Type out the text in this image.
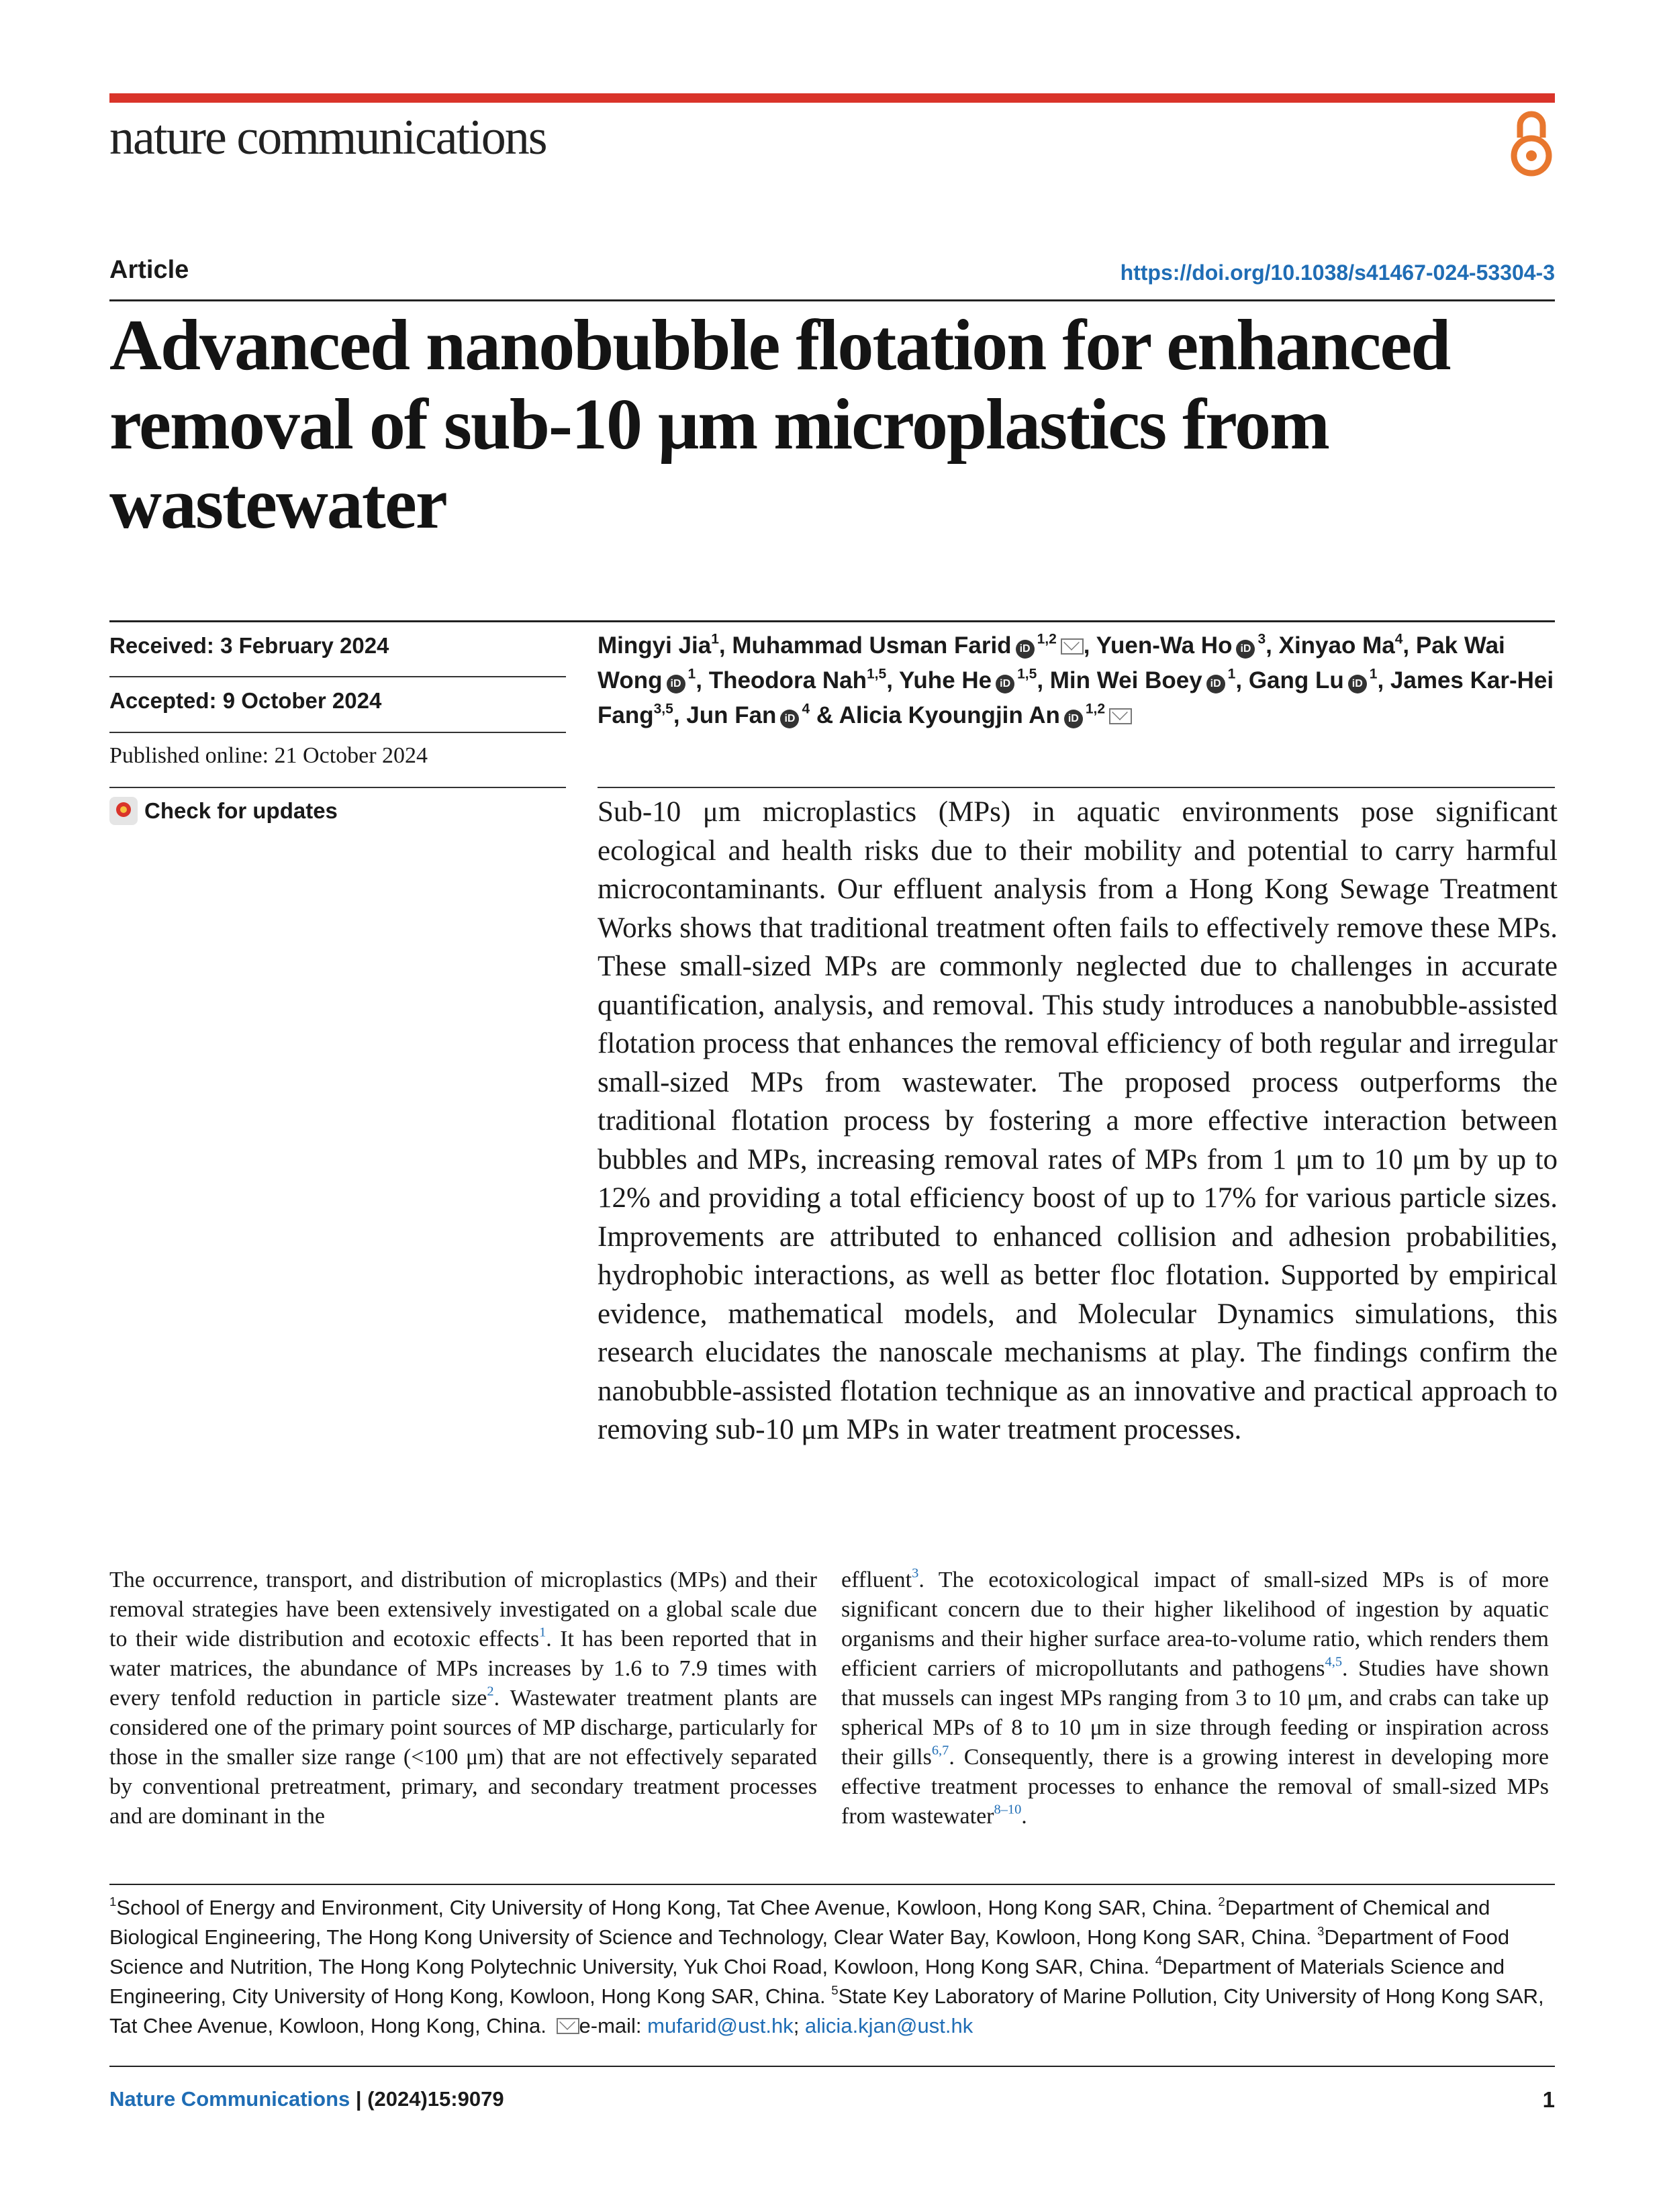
nature communications
Article	https://doi.org/10.1038/s41467-024-53304-3
Advanced nanobubble flotation for enhanced removal of sub-10 μm microplastics from wastewater
Received: 3 February 2024
Accepted: 9 October 2024
Published online: 21 October 2024
Check for updates
Mingyi Jia$^1$, Muhammad Usman Farid iD$^{1,2}$ , Yuen-Wa Ho $iD^3$, Xinyao Ma$^4$, Pak Wai Wong $iD^1$, Theodora Nah$^{1,5}$, Yuhe He iD$^{1,5}$, Min Wei Boey $iD^1$, Gang Lu $iD^1$, James Kar-Hei Fang$^{3,5}$, Jun Fan $iD^4$ & Alicia Kyoungjin An iD$^{1,2}$

Sub-10 μm microplastics (MPs) in aquatic environments pose significant ecological and health risks due to their mobility and potential to carry harmful microcontaminants. Our effluent analysis from a Hong Kong Sewage Treatment Works shows that traditional treatment often fails to effectively remove these MPs. These small-sized MPs are commonly neglected due to challenges in accurate quantification, analysis, and removal. This study introduces a nanobubble-assisted flotation process that enhances the removal efficiency of both regular and irregular small-sized MPs from wastewater. The proposed process outperforms the traditional flotation process by fostering a more effective interaction between bubbles and MPs, increasing removal rates of MPs from 1 μm to 10 μm by up to 12% and providing a total efficiency boost of up to 17% for various particle sizes. Improvements are attributed to enhanced collision and adhesion probabilities, hydrophobic interactions, as well as better floc flotation. Supported by empirical evidence, mathematical models, and Molecular Dynamics simulations, this research elucidates the nanoscale mechanisms at play. The findings confirm the nanobubble-assisted flotation technique as an innovative and practical approach to removing sub-10 μm MPs in water treatment processes.

The occurrence, transport, and distribution of microplastics (MPs) and their removal strategies have been extensively investigated on a global scale due to their wide distribution and ecotoxic effects$^1$. It has been reported that in water matrices, the abundance of MPs increases by 1.6 to 7.9 times with every tenfold reduction in particle size$^2$. Wastewater treatment plants are considered one of the primary point sources of MP discharge, particularly for those in the smaller size range (<100 μm) that are not effectively separated by conventional pretreatment, primary, and secondary treatment processes and are dominant in the

effluent$^3$. The ecotoxicological impact of small-sized MPs is of more significant concern due to their higher likelihood of ingestion by aquatic organisms and their higher surface area-to-volume ratio, which renders them efficient carriers of micropollutants and pathogens$^{4,5}$. Studies have shown that mussels can ingest MPs ranging from 3 to 10 μm, and crabs can take up spherical MPs of 8 to 10 μm in size through feeding or inspiration across their gills$^{6,7}$. Consequently, there is a growing interest in developing more effective treatment processes to enhance the removal of small-sized MPs from wastewater$^{8-10}$.

$^1$School of Energy and Environment, City University of Hong Kong, Tat Chee Avenue, Kowloon, Hong Kong SAR, China. $^2$Department of Chemical and Biological Engineering, The Hong Kong University of Science and Technology, Clear Water Bay, Kowloon, Hong Kong SAR, China. $^3$Department of Food Science and Nutrition, The Hong Kong Polytechnic University, Yuk Choi Road, Kowloon, Hong Kong SAR, China. $^4$Department of Materials Science and Engineering, City University of Hong Kong, Kowloon, Hong Kong SAR, China. $^5$State Key Laboratory of Marine Pollution, City University of Hong Kong SAR, Tat Chee Avenue, Kowloon, Hong Kong, China. e-mail: mufarid@ust.hk; alicia.kjan@ust.hk

Nature Communications | (2024)15:9079	1
